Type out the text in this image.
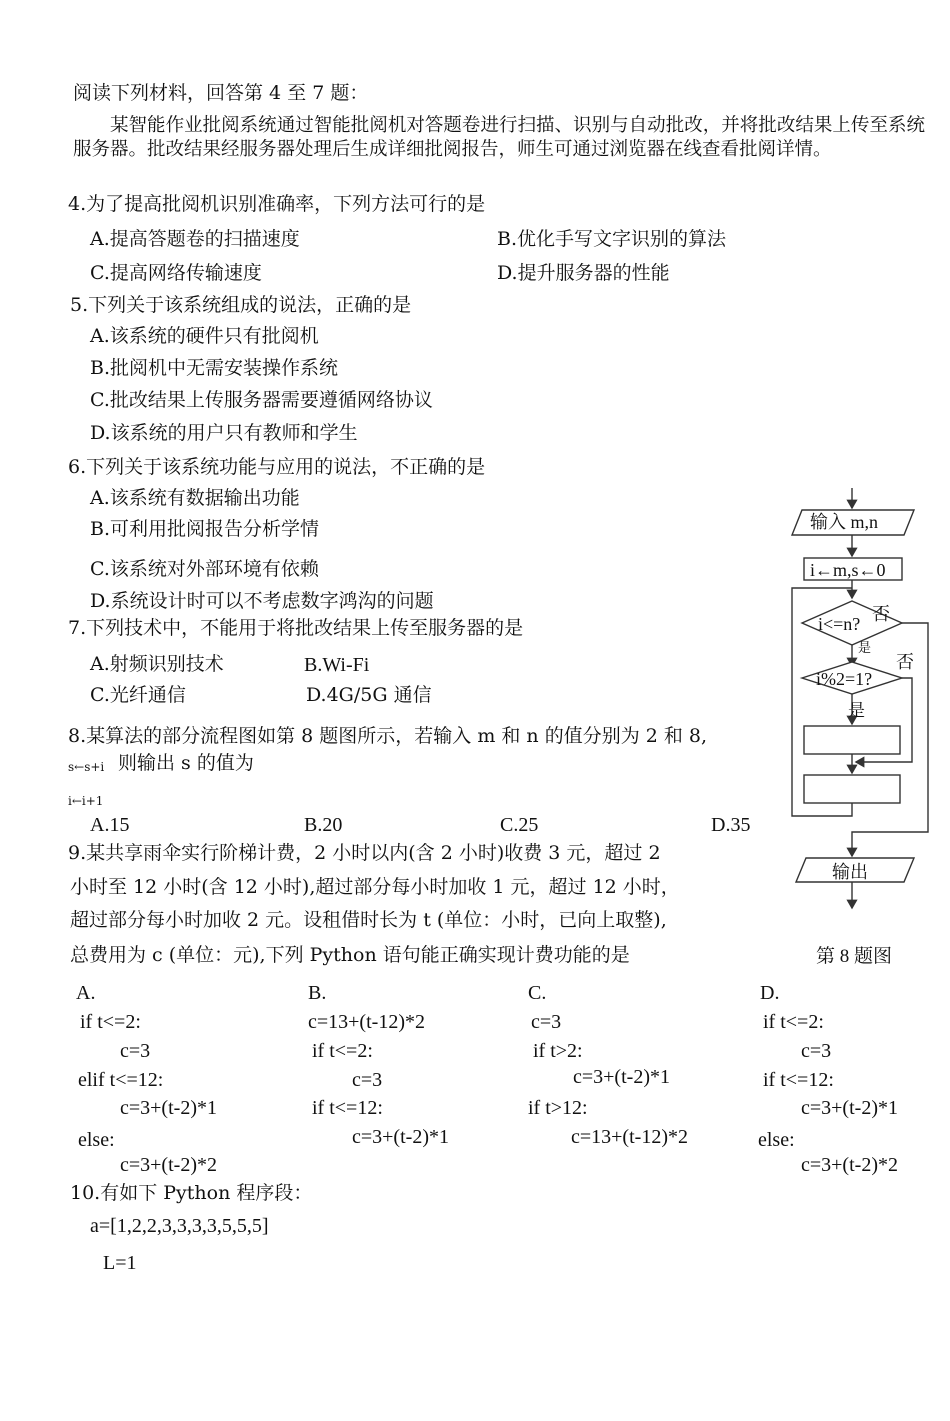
阅读下列材料，回答第 4 至 7 题：
某智能作业批阅系统通过智能批阅机对答题卷进行扫描、识别与自动批改，并将批改结果上传至系统服务器。批改结果经服务器处理后生成详细批阅报告，师生可通过浏览器在线查看批阅详情。
4.为了提高批阅机识别准确率，下列方法可行的是
A.提高答题卷的扫描速度	B.优化手写文字识别的算法
C.提高网络传输速度	D.提升服务器的性能
5.下列关于该系统组成的说法，正确的是
A.该系统的硬件只有批阅机
B.批阅机中无需安装操作系统
C.批改结果上传服务器需要遵循网络协议
D.该系统的用户只有教师和学生
6.下列关于该系统功能与应用的说法，不正确的是
A.该系统有数据输出功能
B.可利用批阅报告分析学情
C.该系统对外部环境有依赖
D.系统设计时可以不考虑数字鸿沟的问题
7.下列技术中，不能用于将批改结果上传至服务器的是
A.射频识别技术	B.Wi-Fi
C.光纤通信	D.4G/5G 通信
8.某算法的部分流程图如第 8 题图所示，若输入 m 和 n 的值分别为 2 和 8,
s←s+i 则输出 s 的值为
i←i+1
A.15	B.20	C.25	D.35
9.某共享雨伞实行阶梯计费，2 小时以内(含 2 小时)收费 3 元，超过 2
小时至 12 小时(含 12 小时),超过部分每小时加收 1 元，超过 12 小时，
超过部分每小时加收 2 元。设租借时长为 t (单位：小时，已向上取整),
总费用为 c (单位：元),下列 Python 语句能正确实现计费功能的是
A.
if t<=2:
c=3
elif t<=12:
c=3+(t-2)*1
else:
c=3+(t-2)*2
B.
c=13+(t-12)*2
if t<=2:
c=3
if t<=12:
c=3+(t-2)*1
C.
c=3
if t>2:
c=3+(t-2)*1
if t>12:
c=13+(t-12)*2
D.
if t<=2:
c=3
if t<=12:
c=3+(t-2)*1
else:
c=3+(t-2)*2
10.有如下 Python 程序段：
a=[1,2,2,3,3,3,3,5,5,5]
L=1
输入 m,n
i←m,s←0
i<=n?
i%2=1?
是
否
是
否
输出
第 8 题图
